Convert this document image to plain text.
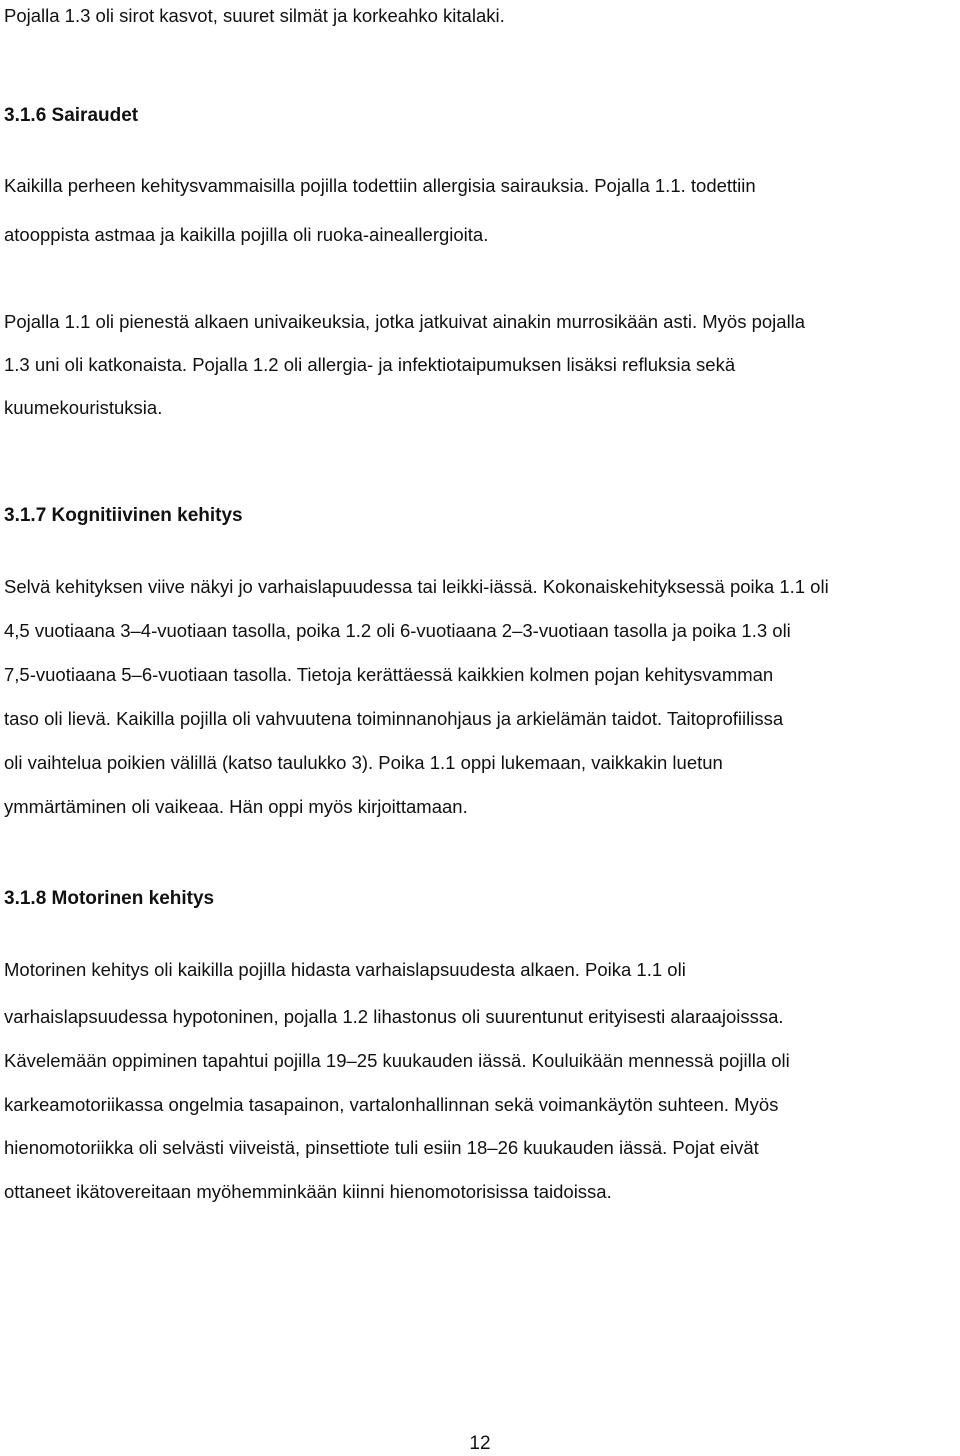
Pojalla 1.3 oli sirot kasvot, suuret silmät ja korkeahko kitalaki.
3.1.6 Sairaudet
Kaikilla perheen kehitysvammaisilla pojilla todettiin allergisia sairauksia. Pojalla 1.1. todettiin
atooppista astmaa ja kaikilla pojilla oli ruoka-aineallergioita.
Pojalla 1.1 oli pienestä alkaen univaikeuksia, jotka jatkuivat ainakin murrosikään asti. Myös pojalla
1.3 uni oli katkonaista. Pojalla 1.2 oli allergia- ja infektiotaipumuksen lisäksi refluksia sekä
kuumekouristuksia.
3.1.7 Kognitiivinen kehitys
Selvä kehityksen viive näkyi jo varhaislapuudessa tai leikki-iässä. Kokonaiskehityksessä poika 1.1 oli
4,5 vuotiaana 3–4-vuotiaan tasolla, poika 1.2 oli 6-vuotiaana 2–3-vuotiaan tasolla ja poika 1.3 oli
7,5-vuotiaana 5–6-vuotiaan tasolla. Tietoja kerättäessä kaikkien kolmen pojan kehitysvamman
taso oli lievä. Kaikilla pojilla oli vahvuutena toiminnanohjaus ja arkielämän taidot. Taitoprofiilissa
oli vaihtelua poikien välillä (katso taulukko 3). Poika 1.1 oppi lukemaan, vaikkakin luetun
ymmärtäminen oli vaikeaa. Hän oppi myös kirjoittamaan.
3.1.8 Motorinen kehitys
Motorinen kehitys oli kaikilla pojilla hidasta varhaislapsuudesta alkaen. Poika 1.1 oli
varhaislapsuudessa hypotoninen, pojalla 1.2 lihastonus oli suurentunut erityisesti alaraajoisssa.
Kävelemään oppiminen tapahtui pojilla 19–25 kuukauden iässä. Kouluikään mennessä pojilla oli
karkeamotoriikassa ongelmia tasapainon, vartalonhallinnan sekä voimankäytön suhteen. Myös
hienomotoriikka oli selvästi viiveistä, pinsettiote tuli esiin 18–26 kuukauden iässä. Pojat eivät
ottaneet ikätovereitaan myöhemminkään kiinni hienomotorisissa taidoissa.
12
